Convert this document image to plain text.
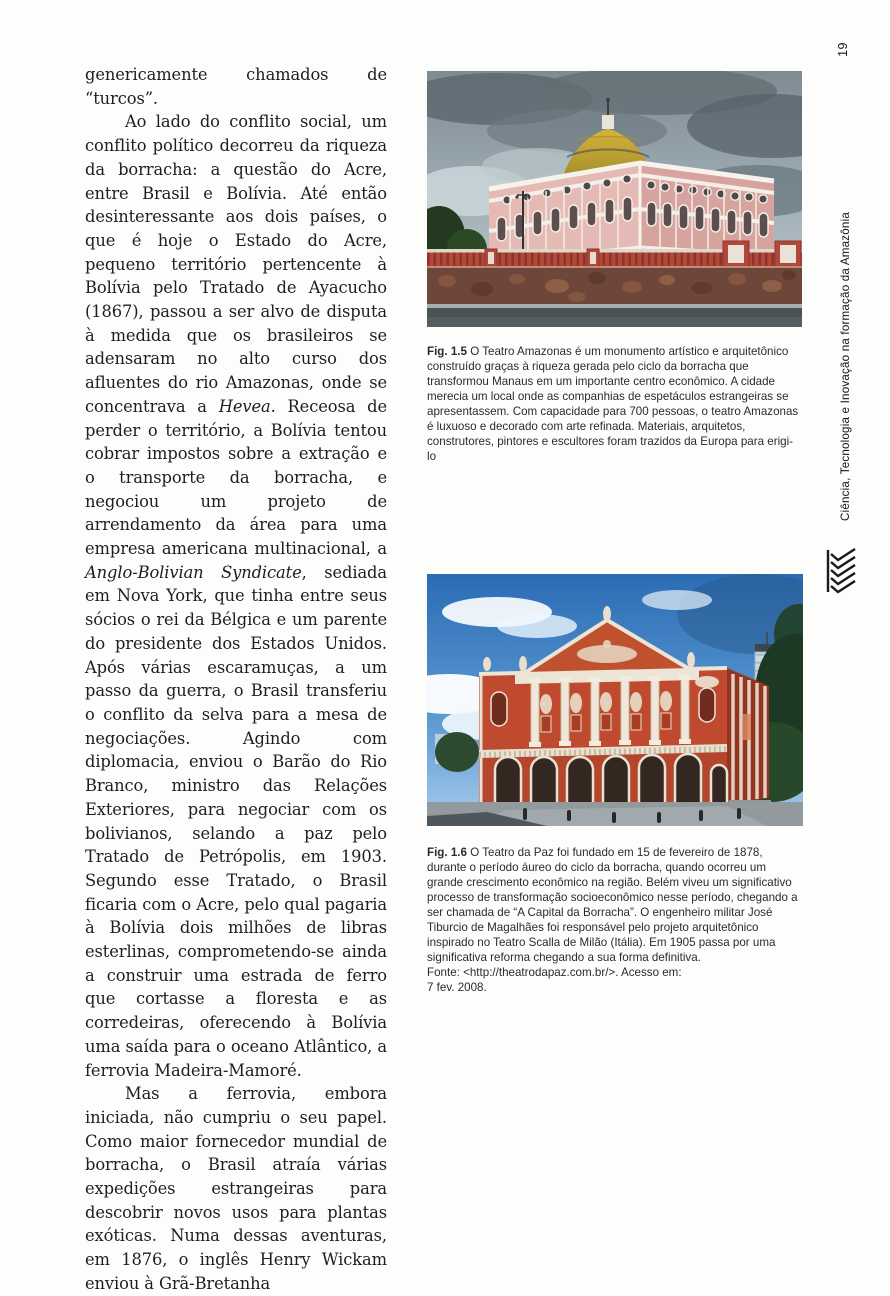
genericamente chamados de “turcos”.

Ao lado do conflito social, um conflito político decorreu da riqueza da borracha: a questão do Acre, entre Brasil e Bolívia. Até então desinteressante aos dois países, o que é hoje o Estado do Acre, pequeno território pertencente à Bolívia pelo Tratado de Ayacucho (1867), passou a ser alvo de disputa à medida que os brasileiros se adensaram no alto curso dos afluentes do rio Amazonas, onde se concentrava a Hevea. Receosa de perder o território, a Bolívia tentou cobrar impostos sobre a extração e o transporte da borracha, e negociou um projeto de arrendamento da área para uma empresa americana multinacional, a Anglo-Bolivian Syndicate, sediada em Nova York, que tinha entre seus sócios o rei da Bélgica e um parente do presidente dos Estados Unidos. Após várias escaramuças, a um passo da guerra, o Brasil transferiu o conflito da selva para a mesa de negociações. Agindo com diplomacia, enviou o Barão do Rio Branco, ministro das Relações Exteriores, para negociar com os bolivianos, selando a paz pelo Tratado de Petrópolis, em 1903. Segundo esse Tratado, o Brasil ficaria com o Acre, pelo qual pagaria à Bolívia dois milhões de libras esterlinas, comprometendo-se ainda a construir uma estrada de ferro que cortasse a floresta e as corredeiras, oferecendo à Bolívia uma saída para o oceano Atlântico, a ferrovia Madeira-Mamoré.

Mas a ferrovia, embora iniciada, não cumpriu o seu papel. Como maior fornecedor mundial de borracha, o Brasil atraía várias expedições estrangeiras para descobrir novos usos para plantas exóticas. Numa dessas aventuras, em 1876, o inglês Henry Wickam enviou à Grã-Bretanha

Fig. 1.5 O Teatro Amazonas é um monumento artístico e arquitetônico construído graças à riqueza gerada pelo ciclo da borracha que transformou Manaus em um importante centro econômico. A cidade merecia um local onde as companhias de espetáculos estrangeiras se apresentassem. Com capacidade para 700 pessoas, o teatro Amazonas é luxuoso e decorado com arte refinada. Materiais, arquitetos, construtores, pintores e escultores foram trazidos da Europa para erigi-lo
Fig. 1.6 O Teatro da Paz foi fundado em 15 de fevereiro de 1878, durante o período áureo do ciclo da borracha, quando ocorreu um grande crescimento econômico na região. Belém viveu um significativo processo de transformação socioeconômico nesse período, chegando a ser chamada de “A Capital da Borracha”. O engenheiro militar José Tiburcio de Magalhães foi responsável pelo projeto arquitetônico inspirado no Teatro Scalla de Milão (Itália). Em 1905 passa por uma significativa reforma chegando a sua forma definitiva.
Fonte: <http://theatrodapaz.com.br/>. Acesso em:
7 fev. 2008.
19
Ciência, Tecnologia e Inovação na formação da Amazônia
